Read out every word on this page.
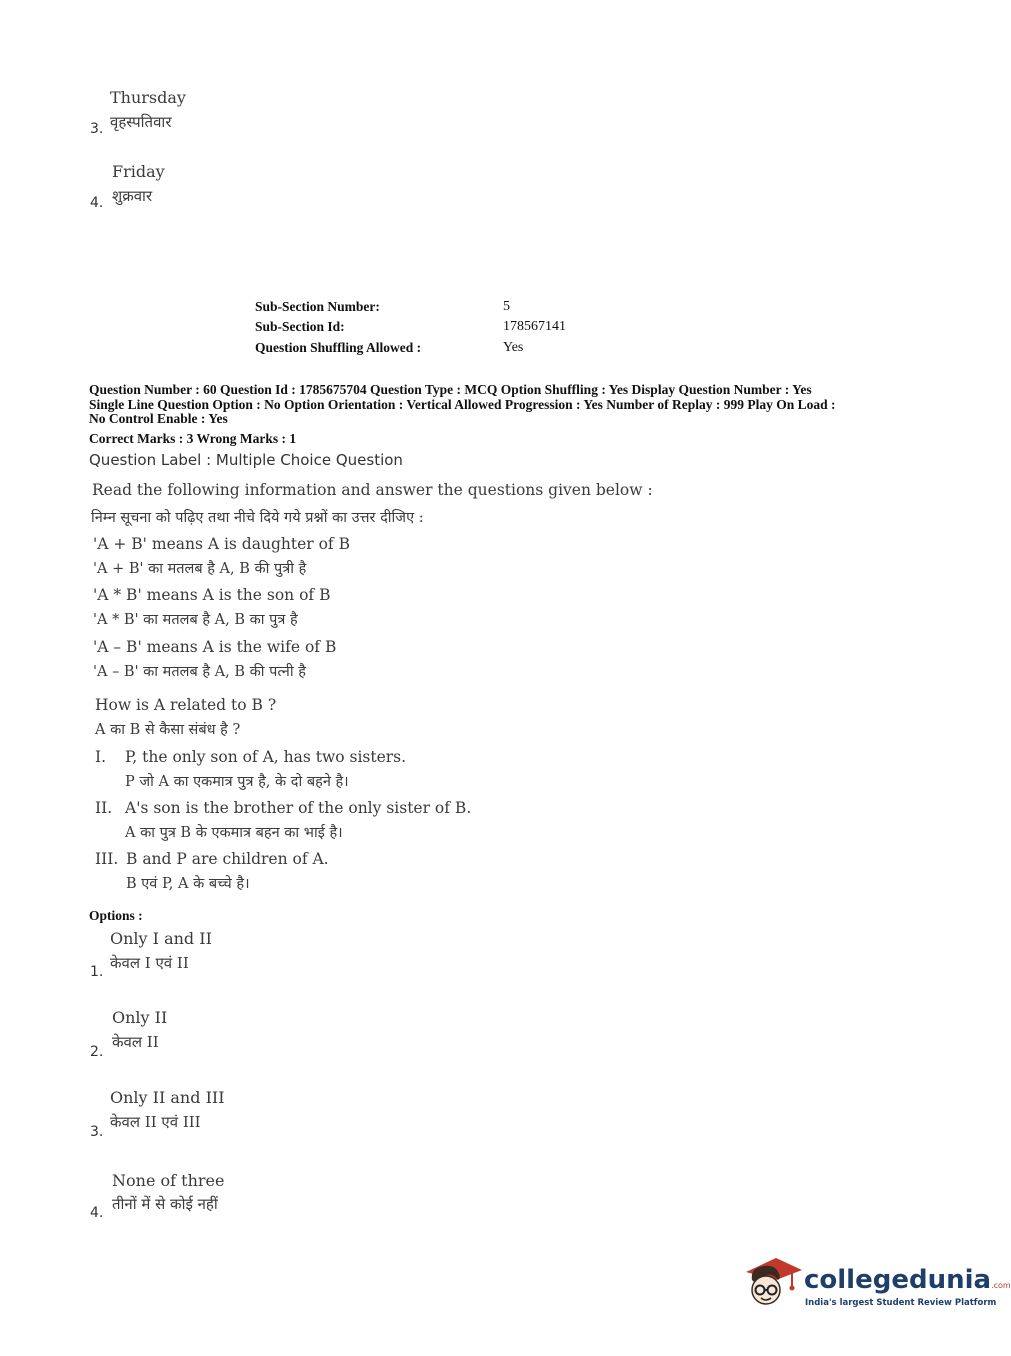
Thursday
3. वृहस्पतिवार
Friday
4. शुक्रवार
Sub-Section Number:	5
Sub-Section Id:	178567141
Question Shuffling Allowed :	Yes
Question Number : 60 Question Id : 1785675704 Question Type : MCQ Option Shuffling : Yes Display Question Number : Yes
Single Line Question Option : No Option Orientation : Vertical Allowed Progression : Yes Number of Replay : 999 Play On Load :
No Control Enable : Yes
Correct Marks : 3 Wrong Marks : 1
Question Label : Multiple Choice Question
Read the following information and answer the questions given below :
निम्न सूचना को पढ़िए तथा नीचे दिये गये प्रश्नों का उत्तर दीजिए :
'A + B' means A is daughter of B
'A + B' का मतलब है A, B की पुत्री है
'A * B' means A is the son of B
'A * B' का मतलब है A, B का पुत्र है
'A – B' means A is the wife of B
'A – B' का मतलब है A, B की पत्नी है
How is A related to B ?
A का B से कैसा संबंध है ?
I. P, the only son of A, has two sisters.
P जो A का एकमात्र पुत्र है, के दो बहने है।
II. A's son is the brother of the only sister of B.
A का पुत्र B के एकमात्र बहन का भाई है।
III. B and P are children of A.
B एवं P, A के बच्चे है।
Options :
Only I and II
1. केवल I एवं II
Only II
2.
केवल II
Only II and III
3.
केवल II एवं III
None of three
4. तीनों में से कोई नहीं
collegedunia.com
India's largest Student Review Platform
